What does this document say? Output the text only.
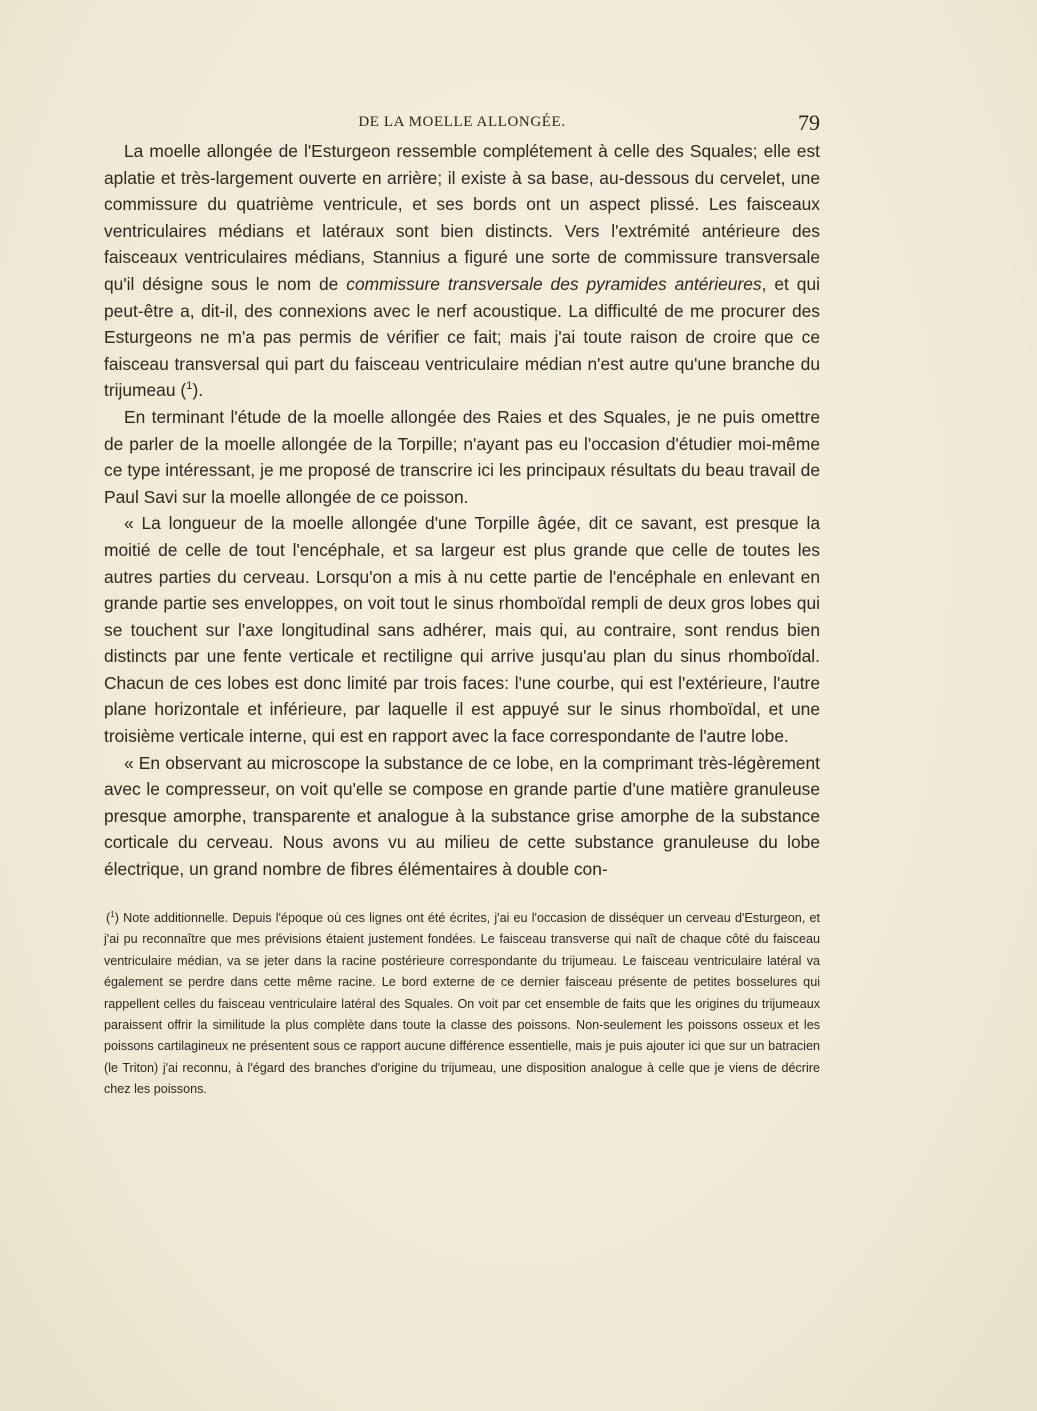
DE LA MOELLE ALLONGÉE.	79

La moelle allongée de l'Esturgeon ressemble complétement à celle des Squales; elle est aplatie et très-largement ouverte en arrière; il existe à sa base, au-dessous du cervelet, une commissure du quatrième ventricule, et ses bords ont un aspect plissé. Les faisceaux ventriculaires médians et latéraux sont bien distincts. Vers l'extrémité antérieure des faisceaux ventriculaires médians, Stannius a figuré une sorte de commissure transversale qu'il désigne sous le nom de commissure transversale des pyramides antérieures, et qui peut-être a, dit-il, des connexions avec le nerf acoustique. La difficulté de me procurer des Esturgeons ne m'a pas permis de vérifier ce fait; mais j'ai toute raison de croire que ce faisceau transversal qui part du faisceau ventriculaire médian n'est autre qu'une branche du trijumeau ($^1$).

En terminant l'étude de la moelle allongée des Raies et des Squales, je ne puis omettre de parler de la moelle allongée de la Torpille; n'ayant pas eu l'occasion d'étudier moi-même ce type intéressant, je me proposé de transcrire ici les principaux résultats du beau travail de Paul Savi sur la moelle allongée de ce poisson.

« La longueur de la moelle allongée d'une Torpille âgée, dit ce savant, est presque la moitié de celle de tout l'encéphale, et sa largeur est plus grande que celle de toutes les autres parties du cerveau. Lorsqu'on a mis à nu cette partie de l'encéphale en enlevant en grande partie ses enveloppes, on voit tout le sinus rhomboïdal rempli de deux gros lobes qui se touchent sur l'axe longitudinal sans adhérer, mais qui, au contraire, sont rendus bien distincts par une fente verticale et rectiligne qui arrive jusqu'au plan du sinus rhomboïdal. Chacun de ces lobes est donc limité par trois faces: l'une courbe, qui est l'extérieure, l'autre plane horizontale et inférieure, par laquelle il est appuyé sur le sinus rhomboïdal, et une troisième verticale interne, qui est en rapport avec la face correspondante de l'autre lobe.

« En observant au microscope la substance de ce lobe, en la comprimant très-légèrement avec le compresseur, on voit qu'elle se compose en grande partie d'une matière granuleuse presque amorphe, transparente et analogue à la substance grise amorphe de la substance corticale du cerveau. Nous avons vu au milieu de cette substance granuleuse du lobe électrique, un grand nombre de fibres élémentaires à double con-

($^1$) Note additionnelle. Depuis l'époque où ces lignes ont été écrites, j'ai eu l'occasion de disséquer un cerveau d'Esturgeon, et j'ai pu reconnaître que mes prévisions étaient justement fondées. Le faisceau transverse qui naît de chaque côté du faisceau ventriculaire médian, va se jeter dans la racine postérieure correspondante du trijumeau. Le faisceau ventriculaire latéral va également se perdre dans cette même racine. Le bord externe de ce dernier faisceau présente de petites bosselures qui rappellent celles du faisceau ventriculaire latéral des Squales. On voit par cet ensemble de faits que les origines du trijumeaux paraissent offrir la similitude la plus complète dans toute la classe des poissons. Non-seulement les poissons osseux et les poissons cartilagineux ne présentent sous ce rapport aucune différence essentielle, mais je puis ajouter ici que sur un batracien (le Triton) j'ai reconnu, à l'égard des branches d'origine du trijumeau, une disposition analogue à celle que je viens de décrire chez les poissons.
